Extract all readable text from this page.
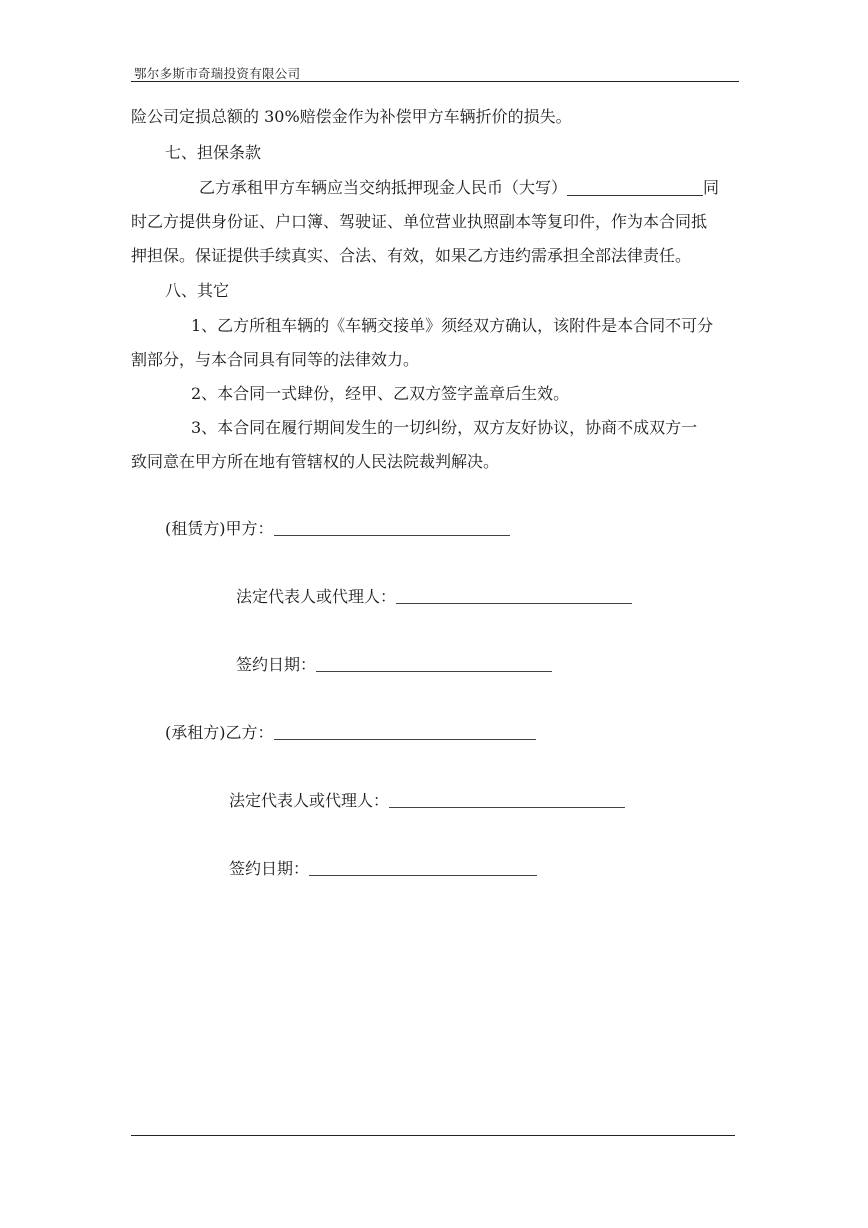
鄂尔多斯市奇瑞投资有限公司
险公司定损总额的 30%赔偿金作为补偿甲方车辆折价的损失。
七、担保条款
乙方承租甲方车辆应当交纳抵押现金人民币（大写）	同
时乙方提供身份证、户口簿、驾驶证、单位营业执照副本等复印件，作为本合同抵
押担保。保证提供手续真实、合法、有效，如果乙方违约需承担全部法律责任。
八、其它
1、乙方所租车辆的《车辆交接单》须经双方确认，该附件是本合同不可分
割部分，与本合同具有同等的法律效力。
2、本合同一式肆份，经甲、乙双方签字盖章后生效。
3、本合同在履行期间发生的一切纠纷，双方友好协议，协商不成双方一
致同意在甲方所在地有管辖权的人民法院裁判解决。
(租赁方)甲方：
法定代表人或代理人：
签约日期：
(承租方)乙方：
法定代表人或代理人：
签约日期：
